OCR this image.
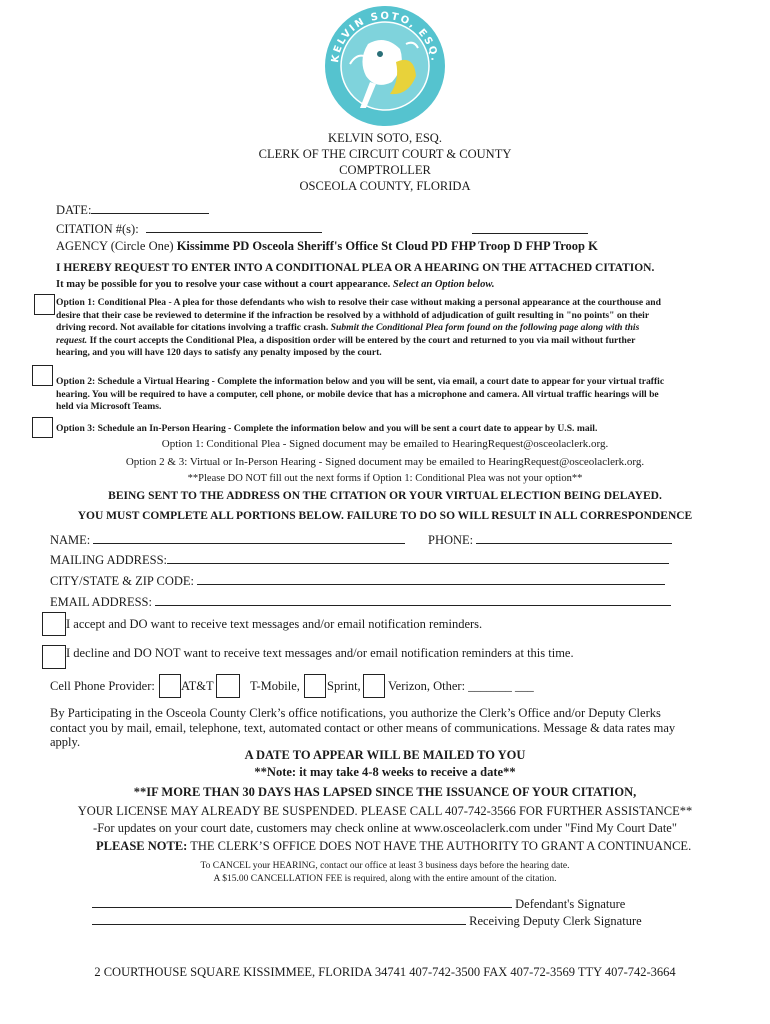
KELVIN SOTO, ESQ.
KELVIN SOTO, ESQ.
CLERK OF THE CIRCUIT COURT & COUNTY
COMPTROLLER
OSCEOLA COUNTY, FLORIDA
DATE:
CITATION #(s):
AGENCY (Circle One) Kissimme PD Osceola Sheriff's Office St Cloud PD FHP Troop D FHP Troop K
I HEREBY REQUEST TO ENTER INTO A CONDITIONAL PLEA OR A HEARING ON THE ATTACHED CITATION.
It may be possible for you to resolve your case without a court appearance. Select an Option below.
Option 1: Conditional Plea - A plea for those defendants who wish to resolve their case without making a personal appearance at the courthouse and
desire that their case be reviewed to determine if the infraction be resolved by a withhold of adjudication of guilt resulting in "no points" on their
driving record. Not available for citations involving a traffic crash. Submit the Conditional Plea form found on the following page along with this
request. If the court accepts the Conditional Plea, a disposition order will be entered by the court and returned to you via mail without further
hearing, and you will have 120 days to satisfy any penalty imposed by the court.
Option 2: Schedule a Virtual Hearing - Complete the information below and you will be sent, via email, a court date to appear for your virtual traffic
hearing. You will be required to have a computer, cell phone, or mobile device that has a microphone and camera. All virtual traffic hearings will be
held via Microsoft Teams.
Option 3: Schedule an In-Person Hearing - Complete the information below and you will be sent a court date to appear by U.S. mail.
Option 1: Conditional Plea - Signed document may be emailed to HearingRequest@osceolaclerk.org.
Option 2 & 3: Virtual or In-Person Hearing - Signed document may be emailed to HearingRequest@osceolaclerk.org.
**Please DO NOT fill out the next forms if Option 1: Conditional Plea was not your option**
BEING SENT TO THE ADDRESS ON THE CITATION OR YOUR VIRTUAL ELECTION BEING DELAYED.
YOU MUST COMPLETE ALL PORTIONS BELOW. FAILURE TO DO SO WILL RESULT IN ALL CORRESPONDENCE
NAME:	PHONE:
MAILING ADDRESS:
CITY/STATE & ZIP CODE:
EMAIL ADDRESS:
I accept and DO want to receive text messages and/or email notification reminders.
I decline and DO NOT want to receive text messages and/or email notification reminders at this time.
Cell Phone Provider: AT&T	T-Mobile, Sprint, Verizon, Other: _______ ___
By Participating in the Osceola County Clerk’s office notifications, you authorize the Clerk’s Office and/or Deputy Clerks contact you by mail, email, telephone, text, automated contact or other means of communications. Message & data rates may apply.
A DATE TO APPEAR WILL BE MAILED TO YOU
**Note: it may take 4-8 weeks to receive a date**
**IF MORE THAN 30 DAYS HAS LAPSED SINCE THE ISSUANCE OF YOUR CITATION,
YOUR LICENSE MAY ALREADY BE SUSPENDED. PLEASE CALL 407-742-3566 FOR FURTHER ASSISTANCE**
-For updates on your court date, customers may check online at www.osceolaclerk.com under "Find My Court Date"
PLEASE NOTE: THE CLERK’S OFFICE DOES NOT HAVE THE AUTHORITY TO GRANT A CONTINUANCE.
To CANCEL your HEARING, contact our office at least 3 business days before the hearing date.
A $15.00 CANCELLATION FEE is required, along with the entire amount of the citation.
Defendant's Signature
Receiving Deputy Clerk Signature
2 COURTHOUSE SQUARE KISSIMMEE, FLORIDA 34741 407-742-3500 FAX 407-72-3569 TTY 407-742-3664
